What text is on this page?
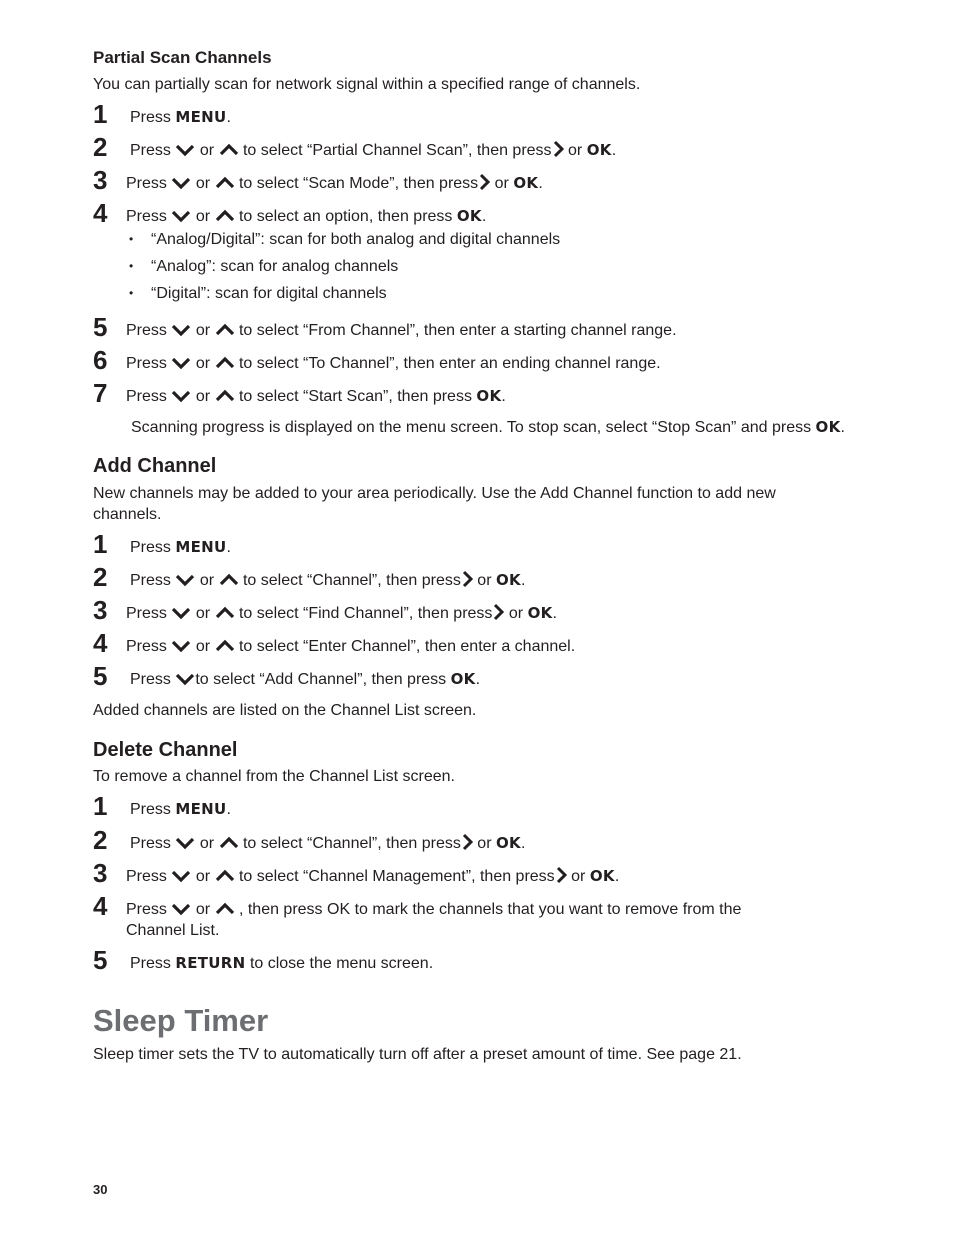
Partial Scan Channels
You can partially scan for network signal within a specified range of channels.
1 Press MENU.
2 Press or to select “Partial Channel Scan”, then press or OK.
3 Press or to select “Scan Mode”, then press or OK.
4 Press or to select an option, then press OK.
• “Analog/Digital”: scan for both analog and digital channels
• “Analog”: scan for analog channels
• “Digital”: scan for digital channels
5 Press or to select “From Channel”, then enter a starting channel range.
6 Press or to select “To Channel”, then enter an ending channel range.
7 Press or to select “Start Scan”, then press OK.
Scanning progress is displayed on the menu screen. To stop scan, select “Stop Scan” and press OK.
Add Channel
New channels may be added to your area periodically. Use the Add Channel function to add new channels.
1 Press MENU.
2 Press or to select “Channel”, then press or OK.
3 Press or to select “Find Channel”, then press or OK.
4 Press or to select “Enter Channel”, then enter a channel.
5 Press to select “Add Channel”, then press OK.
Added channels are listed on the Channel List screen.
Delete Channel
To remove a channel from the Channel List screen.
1 Press MENU.
2 Press or to select “Channel”, then press or OK.
3 Press or to select “Channel Management”, then press or OK.
4 Press or , then press OK to mark the channels that you want to remove from the Channel List.
5 Press RETURN to close the menu screen.
Sleep Timer
Sleep timer sets the TV to automatically turn off after a preset amount of time. See page 21.
30
